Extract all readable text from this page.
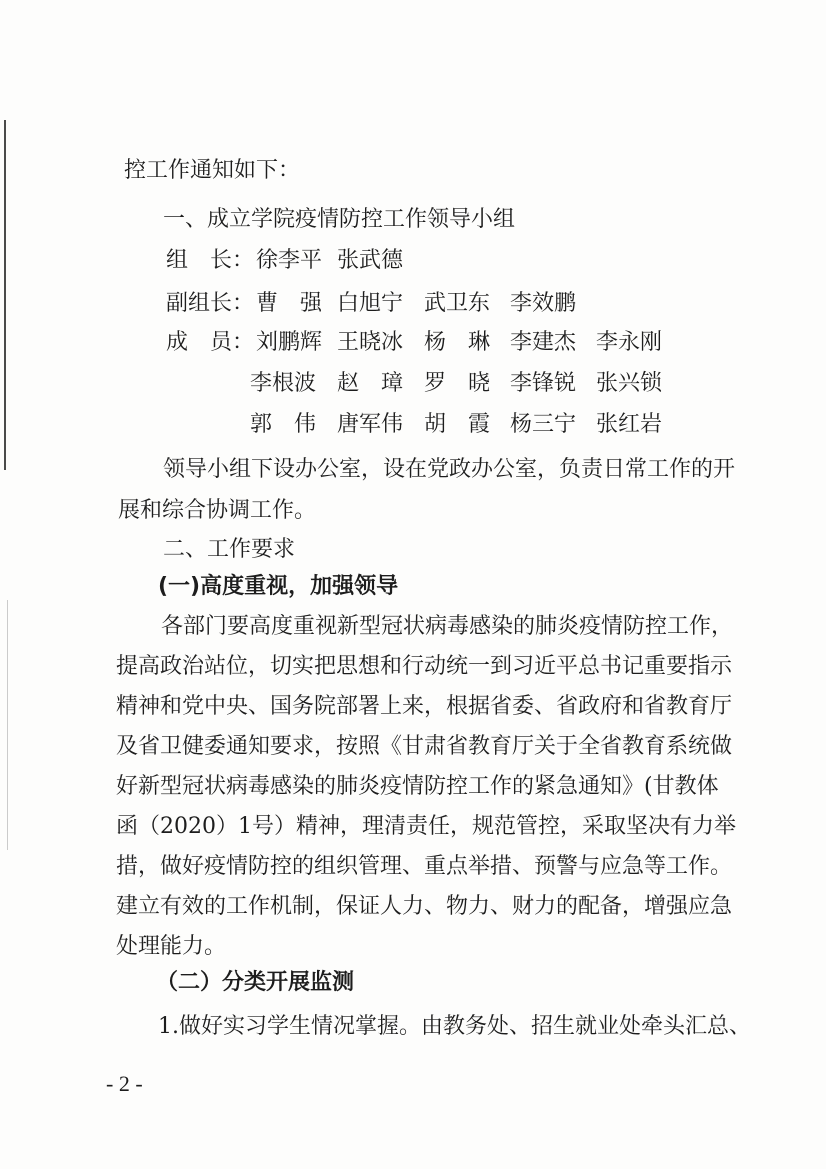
控工作通知如下：
一、成立学院疫情防控工作领导小组
组　长： 徐李平 张武德
副组长： 曹　强 白旭宁 武卫东 李效鹏
成　员： 刘鹏辉 王晓冰 杨　琳 李建杰 李永刚
李根波 赵　璋 罗　晓 李锋锐 张兴锁
郭　伟 唐军伟 胡　霞 杨三宁 张红岩
领导小组下设办公室，设在党政办公室，负责日常工作的开
展和综合协调工作。
二、工作要求
(一)高度重视，加强领导
各部门要高度重视新型冠状病毒感染的肺炎疫情防控工作，
提高政治站位，切实把思想和行动统一到习近平总书记重要指示
精神和党中央、国务院部署上来，根据省委、省政府和省教育厅
及省卫健委通知要求，按照《甘肃省教育厅关于全省教育系统做
好新型冠状病毒感染的肺炎疫情防控工作的紧急通知》(甘教体
函（2020）1号）精神，理清责任，规范管控，采取坚决有力举
措，做好疫情防控的组织管理、重点举措、预警与应急等工作。
建立有效的工作机制，保证人力、物力、财力的配备，增强应急
处理能力。
（二）分类开展监测
1.做好实习学生情况掌握。由教务处、招生就业处牵头汇总、
- 2 -
